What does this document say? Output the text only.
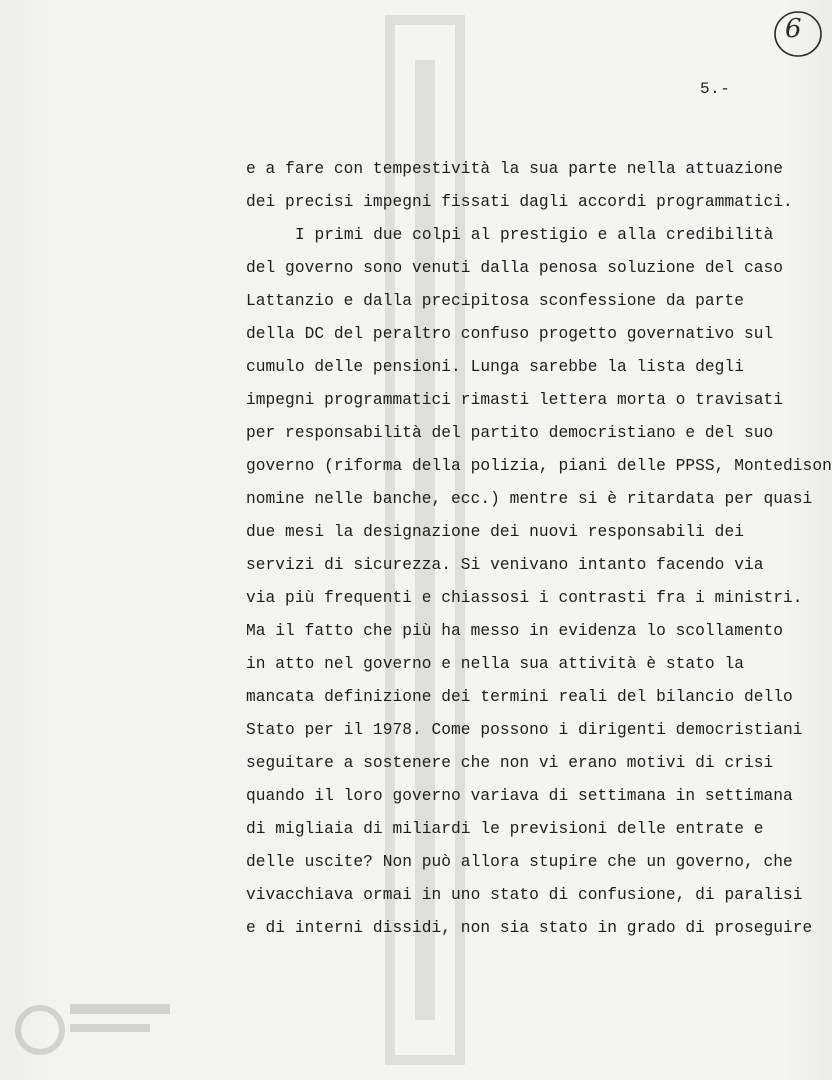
6
5.-
e a fare con tempestività la sua parte nella attuazione
dei precisi impegni fissati dagli accordi programmatici.
I primi due colpi al prestigio e alla credibilità
del governo sono venuti dalla penosa soluzione del caso
Lattanzio e dalla precipitosa sconfessione da parte
della DC del peraltro confuso progetto governativo sul
cumulo delle pensioni. Lunga sarebbe la lista degli
impegni programmatici rimasti lettera morta o travisati
per responsabilità del partito democristiano e del suo
governo (riforma della polizia, piani delle PPSS, Montedison
nomine nelle banche, ecc.) mentre si è ritardata per quasi
due mesi la designazione dei nuovi responsabili dei
servizi di sicurezza. Si venivano intanto facendo via
via più frequenti e chiassosi i contrasti fra i ministri.
Ma il fatto che più ha messo in evidenza lo scollamento
in atto nel governo e nella sua attività è stato la
mancata definizione dei termini reali del bilancio dello
Stato per il 1978. Come possono i dirigenti democristiani
seguitare a sostenere che non vi erano motivi di crisi
quando il loro governo variava di settimana in settimana
di migliaia di miliardi le previsioni delle entrate e
delle uscite? Non può allora stupire che un governo, che
vivacchiava ormai in uno stato di confusione, di paralisi
e di interni dissidi, non sia stato in grado di proseguire
